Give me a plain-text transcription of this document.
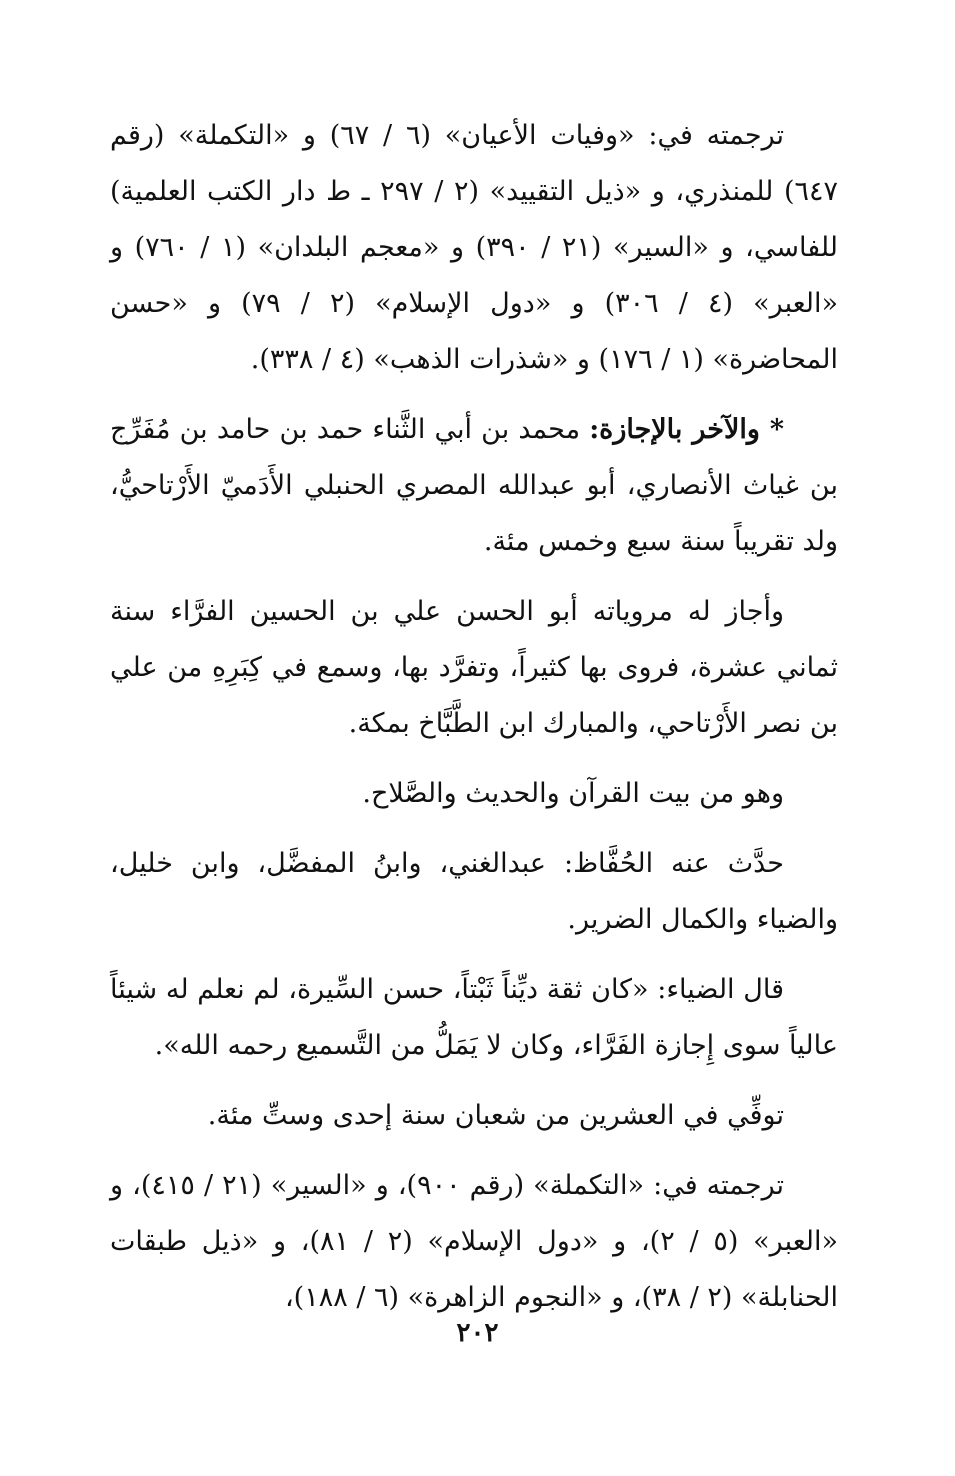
ترجمته في: «وفيات الأعيان» (٦ / ٦٧) و «التكملة» (رقم ٦٤٧) للمنذري، و «ذيل التقييد» (٢ / ٢٩٧ ـ ط دار الكتب العلمية) للفاسي، و «السير» (٢١ / ٣٩٠) و «معجم البلدان» (١ / ٧٦٠) و «العبر» (٤ / ٣٠٦) و «دول الإسلام» (٢ / ٧٩) و «حسن المحاضرة» (١ / ١٧٦) و «شذرات الذهب» (٤ / ٣٣٨).

* والآخر بالإجازة: محمد بن أبي الثَّناء حمد بن حامد بن مُفَرِّج بن غياث الأنصاري، أبو عبدالله المصري الحنبلي الأَدَميّ الأَرْتاحيُّ، ولد تقريباً سنة سبع وخمس مئة.

وأجاز له مروياته أبو الحسن علي بن الحسين الفرَّاء سنة ثماني عشرة، فروى بها كثيراً، وتفرَّد بها، وسمع في كِبَرِهِ من علي بن نصر الأَرْتاحي، والمبارك ابن الطَّبَّاخ بمكة.

وهو من بيت القرآن والحديث والصَّلاح.

حدَّث عنه الحُفَّاظ: عبدالغني، وابنُ المفضَّل، وابن خليل، والضياء والكمال الضرير.

قال الضياء: «كان ثقة ديِّناً ثَبْتاً، حسن السِّيرة، لم نعلم له شيئاً عالياً سوى إِجازة الفَرَّاء، وكان لا يَمَلُّ من التَّسميع رحمه الله».

توفِّي في العشرين من شعبان سنة إحدى وستِّ مئة.

ترجمته في: «التكملة» (رقم ٩٠٠)، و «السير» (٢١ / ٤١٥)، و «العبر» (٥ / ٢)، و «دول الإسلام» (٢ / ٨١)، و «ذيل طبقات الحنابلة» (٢ / ٣٨)، و «النجوم الزاهرة» (٦ / ١٨٨)،

٢٠٢
